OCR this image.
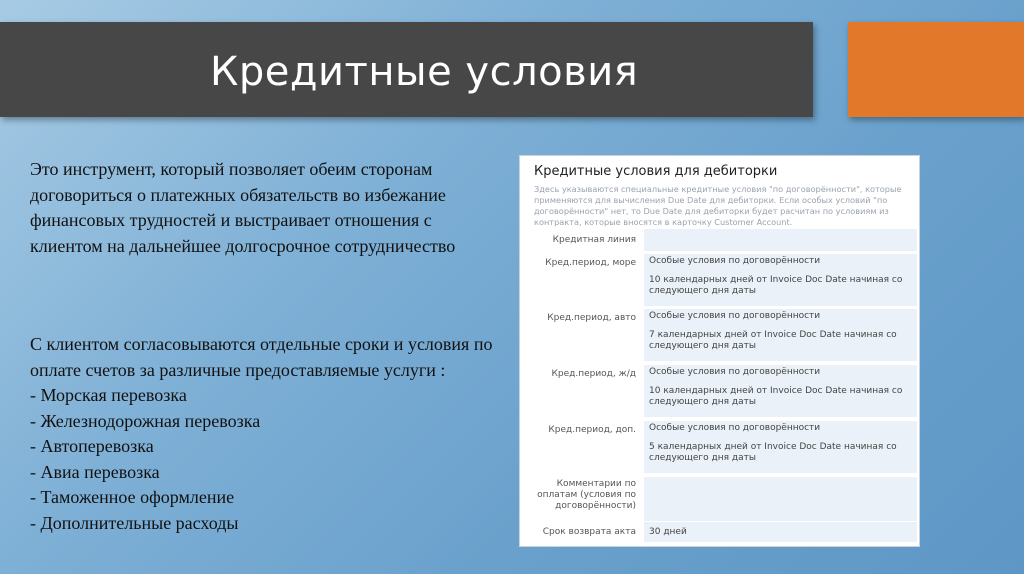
Кредитные условия
Это инструмент, который позволяет обеим сторонам договориться о платежных обязательств во избежание финансовых трудностей и выстраивает отношения с клиентом на дальнейшее долгосрочное сотрудничество
С клиентом согласовываются отдельные сроки и условия по оплате счетов за различные предоставляемые услуги :
- Морская перевозка
- Железнодорожная перевозка
- Автоперевозка
- Авиа перевозка
- Таможенное оформление
- Дополнительные расходы
Кредитные условия для дебиторки
Здесь указываются специальные кредитные условия "по договорённости", которые применяются для вычисления Due Date для дебиторки. Если особых условий "по договорённости" нет, то Due Date для дебиторки будет расчитан по условиям из контракта, которые вносятся в карточку Customer Account.
Кредитная линия
Кред.период, море	Особые условия по договорённости
10 календарных дней от Invoice Doc Date начиная со следующего дня даты
Кред.период, авто	Особые условия по договорённости
7 календарных дней от Invoice Doc Date начиная со следующего дня даты
Кред.период, ж/д	Особые условия по договорённости
10 календарных дней от Invoice Doc Date начиная со следующего дня даты
Кред.период, доп.	Особые условия по договорённости
5 календарных дней от Invoice Doc Date начиная со следующего дня даты
Комментарии по оплатам (условия по договорённости)
Срок возврата акта	30 дней
